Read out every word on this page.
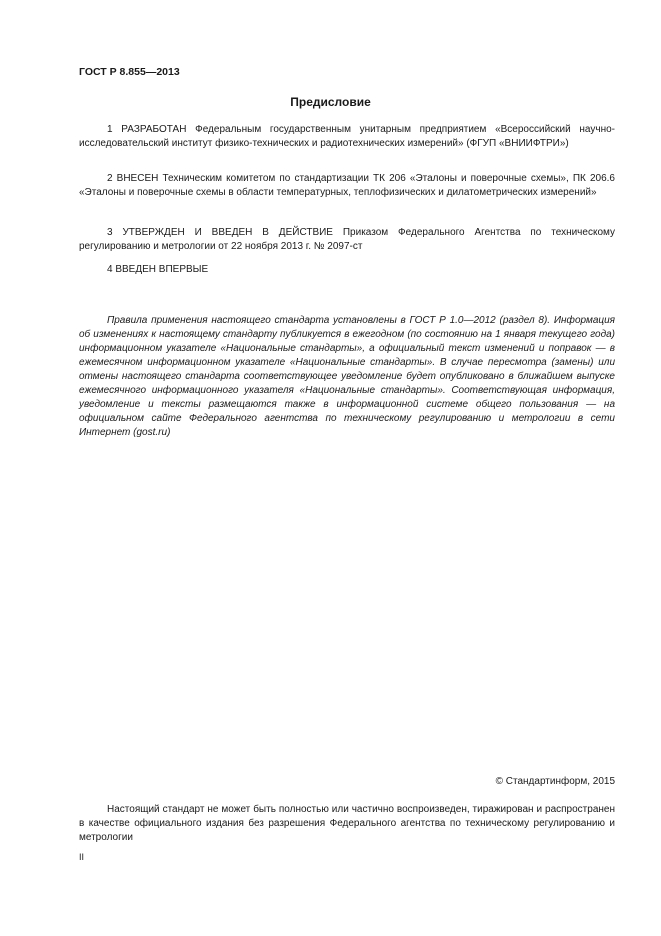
ГОСТ Р 8.855—2013
Предисловие

1 РАЗРАБОТАН Федеральным государственным унитарным предприятием «Всероссийский научно-исследовательский институт физико-технических и радиотехнических измерений» (ФГУП «ВНИИФТРИ»)

2 ВНЕСЕН Техническим комитетом по стандартизации ТК 206 «Эталоны и поверочные схемы», ПК 206.6 «Эталоны и поверочные схемы в области температурных, теплофизических и дилатометрических измерений»

3 УТВЕРЖДЕН И ВВЕДЕН В ДЕЙСТВИЕ Приказом Федерального Агентства по техническому регулированию и метрологии от 22 ноября 2013 г. № 2097-ст

4 ВВЕДЕН ВПЕРВЫЕ

Правила применения настоящего стандарта установлены в ГОСТ Р 1.0—2012 (раздел 8). Информация об изменениях к настоящему стандарту публикуется в ежегодном (по состоянию на 1 января текущего года) информационном указателе «Национальные стандарты», а официальный текст изменений и поправок — в ежемесячном информационном указателе «Национальные стандарты». В случае пересмотра (замены) или отмены настоящего стандарта соответствующее уведомление будет опубликовано в ближайшем выпуске ежемесячного информационного указателя «Национальные стандарты». Соответствующая информация, уведомление и тексты размещаются также в информационной системе общего пользования — на официальном сайте Федерального агентства по техническому регулированию и метрологии в сети Интернет (gost.ru)

© Стандартинформ, 2015

Настоящий стандарт не может быть полностью или частично воспроизведен, тиражирован и распространен в качестве официального издания без разрешения Федерального агентства по техническому регулированию и метрологии

II
